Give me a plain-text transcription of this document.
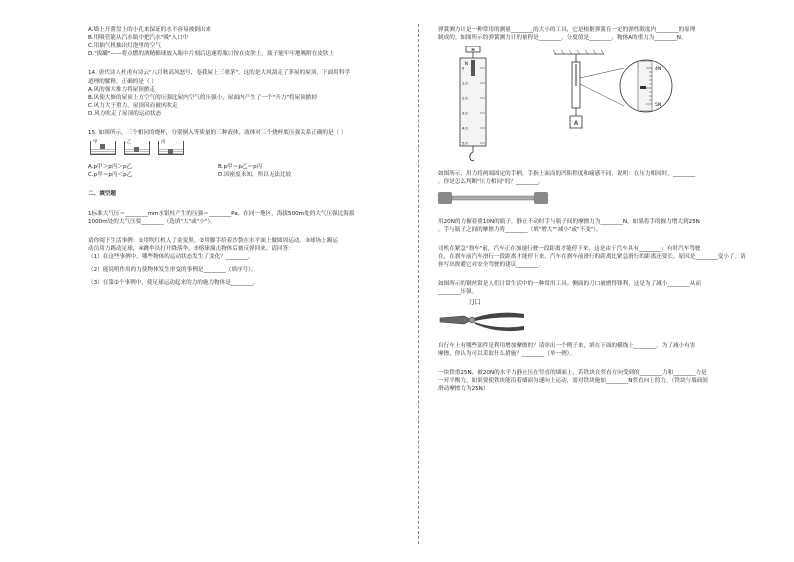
A.墙上开凿盘上的小孔来保证的水不容易被倒出来

B.用吸管能从汽水瓶中把汽水"吸"入口中

C.用抽气机抽出灯泡里的空气

D."拔罐"——将点燃的酒精棉球放入瓶中片刻后迅速将瓶口按在皮肤上，瓶子能牢牢地吸附在皮肤上

14. 唐代诗人杜甫有诗云"八月秋高风怒号，卷我屋上三重茅"，这的是大风刮走了茅屋的屋顶，下面用科学

道理的解释，正确的是（ ）

A.风的强大推力将屋顶掀走

B.风使大修的屋顶上方空气的压强比屋内空气的压强小，屋面内产生了一个"升力"将屋顶掀掉

C.风力大于重力，屋顶因而被风吹走

D.风力吹走了屋顶的运动状态

15. 如图所示，三个相同的烧杯，分别倒入等质量的三种液体，液体对三个烧杯底压强关系正确的是（ ）

甲	乙	丙
A.p甲＞p丙＞p乙	B.p甲＝p乙＝p丙
C.p甲＝p丙＜p乙	D.因密度未知，所以无法比较

二、填空题

1标准大气压＝________mm水银柱产生的压强＝________Pa。在同一地区，海拔500m处的大气压强比海拔

1000m处的大气压要________（选填"大"或"小"）。

请你阅下生活事例：①用吹红机人了金变黑。②用脚手给着沙袋在水平面上做圆周运动。③球场上踢运

动员用力踢动足球，④跳伞员打开降落伞，⑤熔球撞击物体后被反弹回来。请回答：

（1）在这些事例中，哪些物体的运动状态发生了变化？________。

（2）能说明作用的力使物体发生形变的事例是________（填序号）。

（3）在第②个事例中，使足球运动起来的力的施力物体是________。

弹簧测力计是一种常用的测量________的大小的工具，它是根据弹簧在一定的弹性限度内________的原理

制成的。如图所示的弹簧测力计的量程是________，分度值是________，物体A的重力为________N。

⌘
N
0
1.0
2.0
3.0
4.0
5.0
A
4N
5N

如图所示，用力将两端固定的手柄，手指上面而的凹陷程度和痛感不同，说明：在压力相同时，________

，你是怎么判断"压力相同"的？________。

用20N的力握着重10N的瓶子，静止不动时手与瓶子间的摩擦力为________N。如果将手的握力增大到25N

，手与瓶子之间的摩擦力将________（填"增大""减小"或"不变"）。

司机在紧急"刹车"前，汽车正在加速行驶一段距离才能停下来，这是由于汽车具有________；有时汽车驾驶

在，在刹车前汽车滑行一段距离才能停下来，汽车在刹车前滑行的距离比紧急滑行的距离还要长，原因是________变小了。请

你写出规避它对安全驾驶的建议________。

如图所示的钢丝钳是人们日常生活中的一种常用工具。侧面的刀口被磨得锋利，这是为了减小________从而

________压强。

刀口

自行车上有哪些部件是利用增加摩擦的？请举出一个例子来，填在下面的横线上________。为了减小有害

摩擦，你认为可以采取什么措施？________（举一例）。

一块铁重25N，被20N的水平力静止压在竖直的墙面上，若铁块在竖直方向受到的________力和________力是

一对平衡力，如果要使铁块能沿着墙面匀速向上运动，需对铁块施加________N竖直向上的力。（铁块与墙面间

滑动摩擦力为25N）
